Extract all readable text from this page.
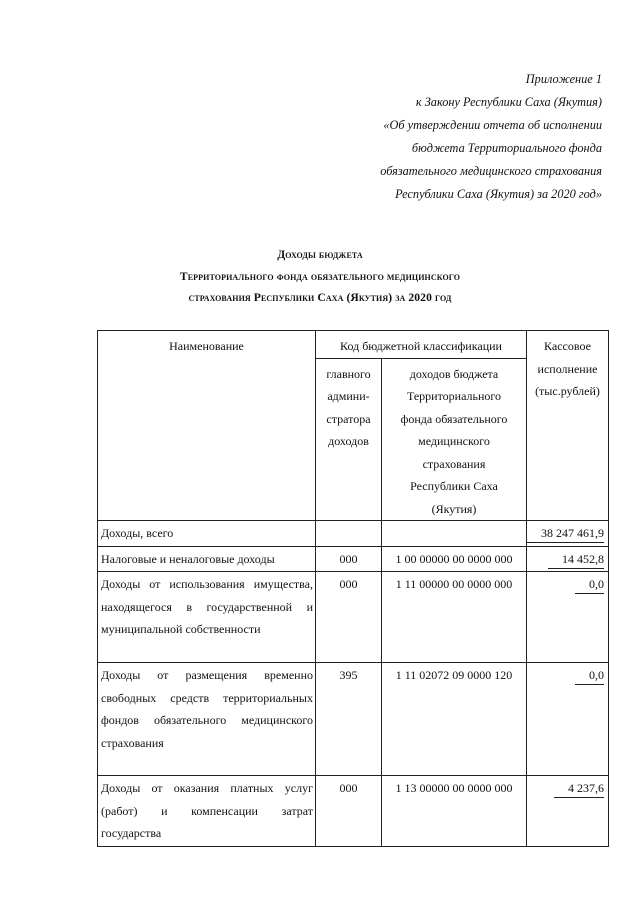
Приложение 1
к Закону Республики Саха (Якутия)
«Об утверждении отчета об исполнении
бюджета Территориального фонда
обязательного медицинского страхования
Республики Саха (Якутия) за 2020 год»
Доходы бюджета
Территориального фонда обязательного медицинского
страхования Республики Саха (Якутия) за 2020 год
Наименование	Код бюджетной классификации		Кассовое исполнение (тыс.рублей)
	главного админи-стратора доходов	доходов бюджета Территориального фонда обязательного медицинского страхования Республики Саха (Якутия)	
Доходы, всего			38 247 461,9
Налоговые и неналоговые доходы	000	1 00 00000 00 0000 000	14 452,8
Доходы от использования имущества, находящегося в государственной и муниципальной собственности	000	1 11 00000 00 0000 000	0,0
Доходы от размещения временно свободных средств территориальных фондов обязательного медицинского страхования	395	1 11 02072 09 0000 120	0,0
Доходы от оказания платных услуг (работ) и компенсации затрат государства	000	1 13 00000 00 0000 000	4 237,6
